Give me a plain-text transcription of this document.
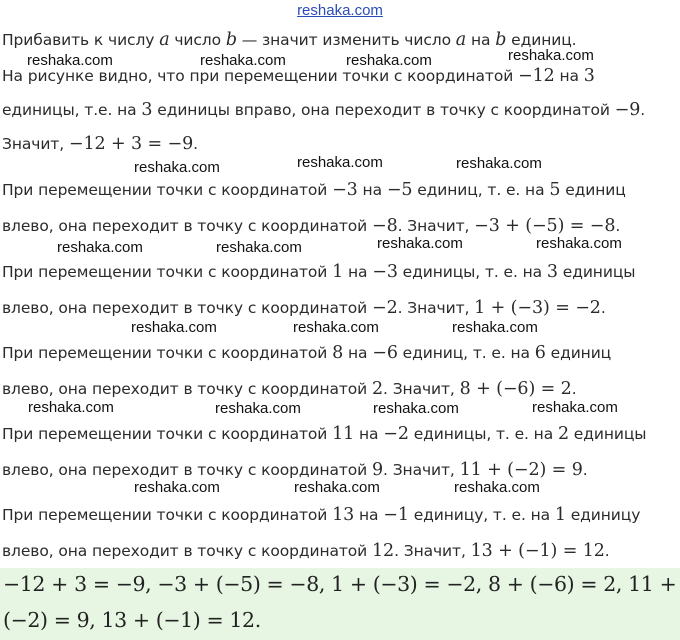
reshaka.com
Прибавить к числу a число b — значит изменить число a на b единиц.
На рисунке видно, что при перемещении точки с координатой −12 на 3
единицы, т.е. на 3 единицы вправо, она переходит в точку с координатой −9.
Значит, −12 + 3 = −9.
При перемещении точки с координатой −3 на −5 единиц, т. е. на 5 единиц
влево, она переходит в точку с координатой −8. Значит, −3 + (−5) = −8.
При перемещении точки с координатой 1 на −3 единицы, т. е. на 3 единицы
влево, она переходит в точку с координатой −2. Значит, 1 + (−3) = −2.
При перемещении точки с координатой 8 на −6 единиц, т. е. на 6 единиц
влево, она переходит в точку с координатой 2. Значит, 8 + (−6) = 2.
При перемещении точки с координатой 11 на −2 единицы, т. е. на 2 единицы
влево, она переходит в точку с координатой 9. Значит, 11 + (−2) = 9.
При перемещении точки с координатой 13 на −1 единицу, т. е. на 1 единицу
влево, она переходит в точку с координатой 12. Значит, 13 + (−1) = 12.
reshaka.com	reshaka.com	reshaka.com	reshaka.com
reshaka.com	reshaka.com	reshaka.com
reshaka.com	reshaka.com	reshaka.com	reshaka.com
reshaka.com	reshaka.com	reshaka.com
reshaka.com	reshaka.com	reshaka.com	reshaka.com
reshaka.com	reshaka.com	reshaka.com
−12 + 3 = −9, −3 + (−5) = −8, 1 + (−3) = −2, 8 + (−6) = 2, 11 +
(−2) = 9, 13 + (−1) = 12.
